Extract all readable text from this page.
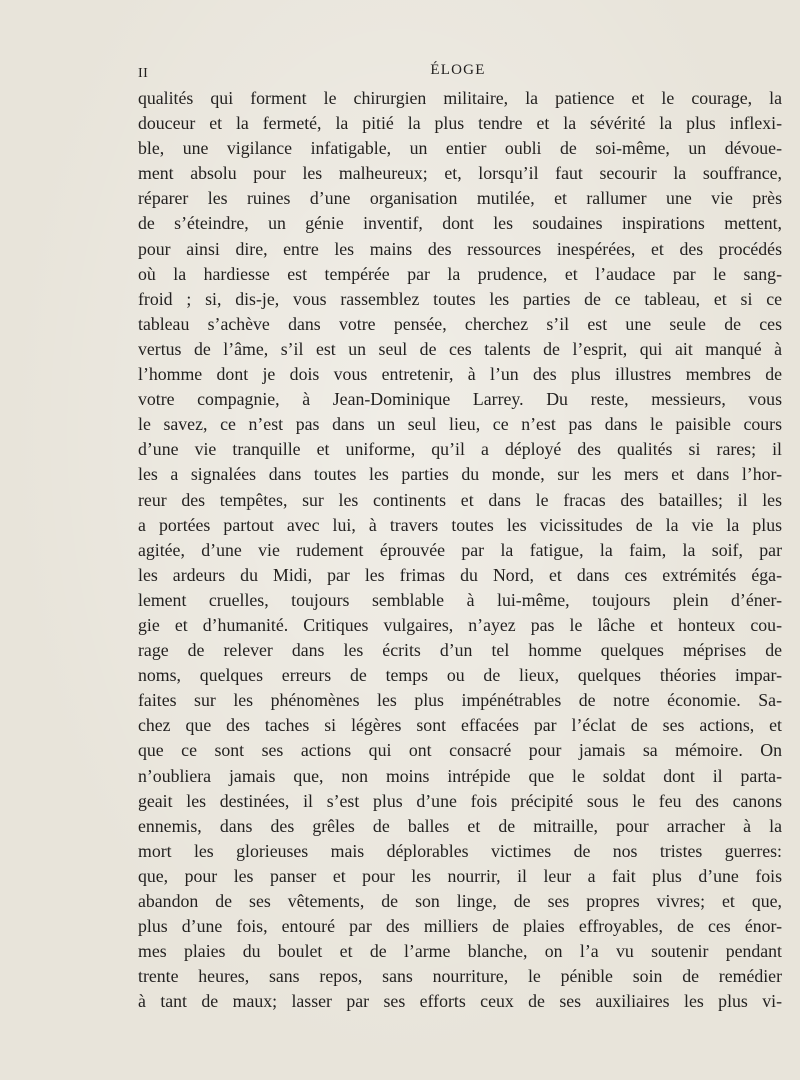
II	ÉLOGE
qualités qui forment le chirurgien militaire, la patience et le courage, la
douceur et la fermeté, la pitié la plus tendre et la sévérité la plus inflexi-
ble, une vigilance infatigable, un entier oubli de soi-même, un dévoue-
ment absolu pour les malheureux; et, lorsqu’il faut secourir la souffrance,
réparer les ruines d’une organisation mutilée, et rallumer une vie près
de s’éteindre, un génie inventif, dont les soudaines inspirations mettent,
pour ainsi dire, entre les mains des ressources inespérées, et des procédés
où la hardiesse est tempérée par la prudence, et l’audace par le sang-
froid ; si, dis-je, vous rassemblez toutes les parties de ce tableau, et si ce
tableau s’achève dans votre pensée, cherchez s’il est une seule de ces
vertus de l’âme, s’il est un seul de ces talents de l’esprit, qui ait manqué à
l’homme dont je dois vous entretenir, à l’un des plus illustres membres de
votre compagnie, à Jean-Dominique Larrey. Du reste, messieurs, vous
le savez, ce n’est pas dans un seul lieu, ce n’est pas dans le paisible cours
d’une vie tranquille et uniforme, qu’il a déployé des qualités si rares; il
les a signalées dans toutes les parties du monde, sur les mers et dans l’hor-
reur des tempêtes, sur les continents et dans le fracas des batailles; il les
a portées partout avec lui, à travers toutes les vicissitudes de la vie la plus
agitée, d’une vie rudement éprouvée par la fatigue, la faim, la soif, par
les ardeurs du Midi, par les frimas du Nord, et dans ces extrémités éga-
lement cruelles, toujours semblable à lui-même, toujours plein d’éner-
gie et d’humanité. Critiques vulgaires, n’ayez pas le lâche et honteux cou-
rage de relever dans les écrits d’un tel homme quelques méprises de
noms, quelques erreurs de temps ou de lieux, quelques théories impar-
faites sur les phénomènes les plus impénétrables de notre économie. Sa-
chez que des taches si légères sont effacées par l’éclat de ses actions, et
que ce sont ses actions qui ont consacré pour jamais sa mémoire. On
n’oubliera jamais que, non moins intrépide que le soldat dont il parta-
geait les destinées, il s’est plus d’une fois précipité sous le feu des canons
ennemis, dans des grêles de balles et de mitraille, pour arracher à la
mort les glorieuses mais déplorables victimes de nos tristes guerres:
que, pour les panser et pour les nourrir, il leur a fait plus d’une fois
abandon de ses vêtements, de son linge, de ses propres vivres; et que,
plus d’une fois, entouré par des milliers de plaies effroyables, de ces énor-
mes plaies du boulet et de l’arme blanche, on l’a vu soutenir pendant
trente heures, sans repos, sans nourriture, le pénible soin de remédier
à tant de maux; lasser par ses efforts ceux de ses auxiliaires les plus vi-
